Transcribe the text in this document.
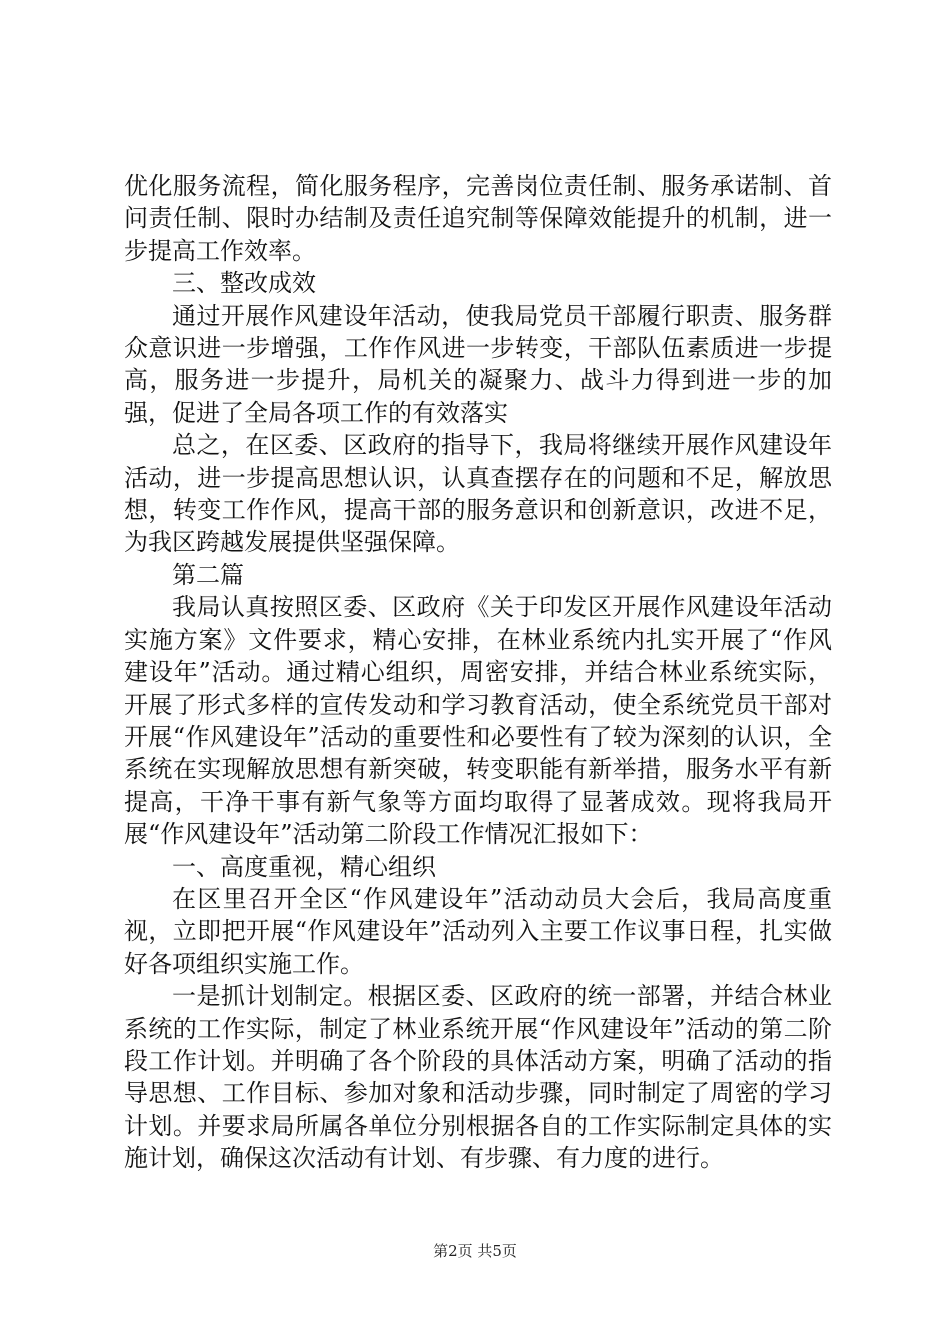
优化服务流程，简化服务程序，完善岗位责任制、服务承诺制、首问责任制、限时办结制及责任追究制等保障效能提升的机制，进一步提高工作效率。

三、整改成效

通过开展作风建设年活动，使我局党员干部履行职责、服务群众意识进一步增强，工作作风进一步转变，干部队伍素质进一步提高，服务进一步提升，局机关的凝聚力、战斗力得到进一步的加强，促进了全局各项工作的有效落实

总之，在区委、区政府的指导下，我局将继续开展作风建设年活动，进一步提高思想认识，认真查摆存在的问题和不足，解放思想，转变工作作风，提高干部的服务意识和创新意识，改进不足，为我区跨越发展提供坚强保障。

第二篇

我局认真按照区委、区政府《关于印发区开展作风建设年活动实施方案》文件要求，精心安排，在林业系统内扎实开展了“作风建设年”活动。通过精心组织，周密安排，并结合林业系统实际，开展了形式多样的宣传发动和学习教育活动，使全系统党员干部对开展“作风建设年”活动的重要性和必要性有了较为深刻的认识，全系统在实现解放思想有新突破，转变职能有新举措，服务水平有新提高，干净干事有新气象等方面均取得了显著成效。现将我局开展“作风建设年”活动第二阶段工作情况汇报如下：

一、高度重视，精心组织

在区里召开全区“作风建设年”活动动员大会后，我局高度重视，立即把开展“作风建设年”活动列入主要工作议事日程，扎实做好各项组织实施工作。

一是抓计划制定。根据区委、区政府的统一部署，并结合林业系统的工作实际，制定了林业系统开展“作风建设年”活动的第二阶段工作计划。并明确了各个阶段的具体活动方案，明确了活动的指导思想、工作目标、参加对象和活动步骤，同时制定了周密的学习计划。并要求局所属各单位分别根据各自的工作实际制定具体的实施计划，确保这次活动有计划、有步骤、有力度的进行。

第2页 共5页
